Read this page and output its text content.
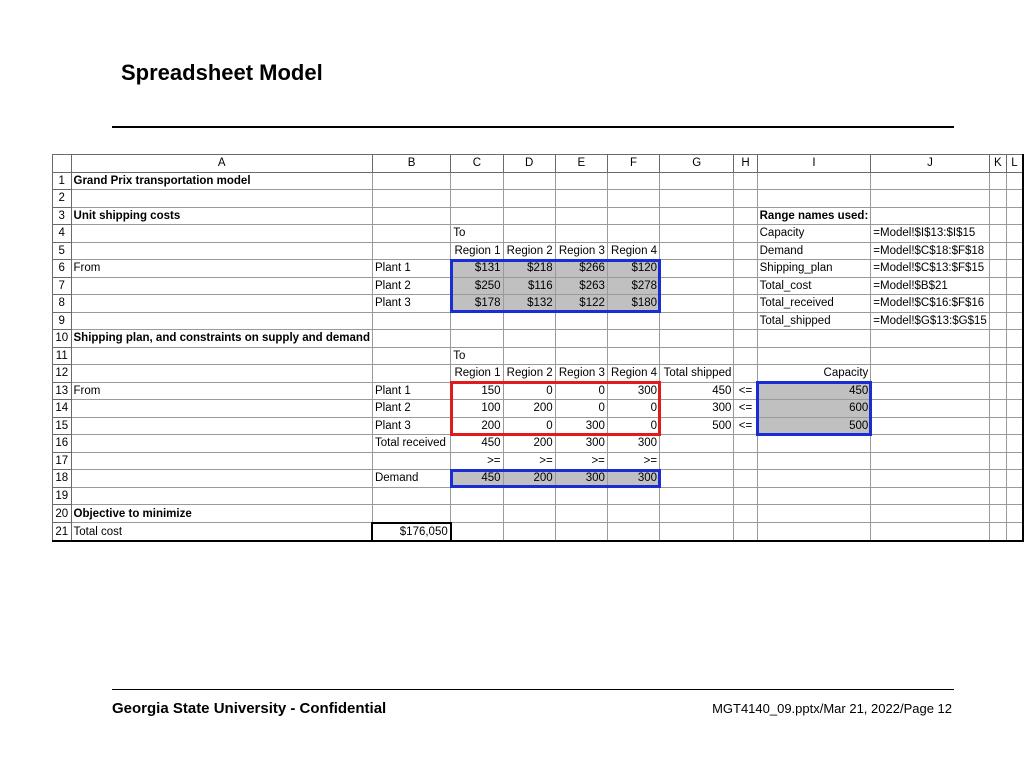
Spreadsheet Model
	A	B	C	D	E	F	G	H	I	J	K	L
1	Grand Prix transportation model											
2												
3	Unit shipping costs								Range names used:			
4			To						Capacity	=Model!$I$13:$I$15		
5			Region 1	Region 2	Region 3	Region 4			Demand	=Model!$C$18:$F$18		
6	From	Plant 1	$131	$218	$266	$120			Shipping_plan	=Model!$C$13:$F$15		
7		Plant 2	$250	$116	$263	$278			Total_cost	=Model!$B$21		
8		Plant 3	$178	$132	$122	$180			Total_received	=Model!$C$16:$F$16		
9									Total_shipped	=Model!$G$13:$G$15		
10	Shipping plan, and constraints on supply and demand											
11			To									
12			Region 1	Region 2	Region 3	Region 4	Total shipped		Capacity			
13	From	Plant 1	150	0	0	300	450	<=	450			
14		Plant 2	100	200	0	0	300	<=	600			
15		Plant 3	200	0	300	0	500	<=	500			
16		Total received	450	200	300	300						
17			>=	>=	>=	>=						
18		Demand	450	200	300	300						
19												
20	Objective to minimize											
21	Total cost	$176,050										
Georgia State University - Confidential	MGT4140_09.pptx/Mar 21, 2022/Page 12
